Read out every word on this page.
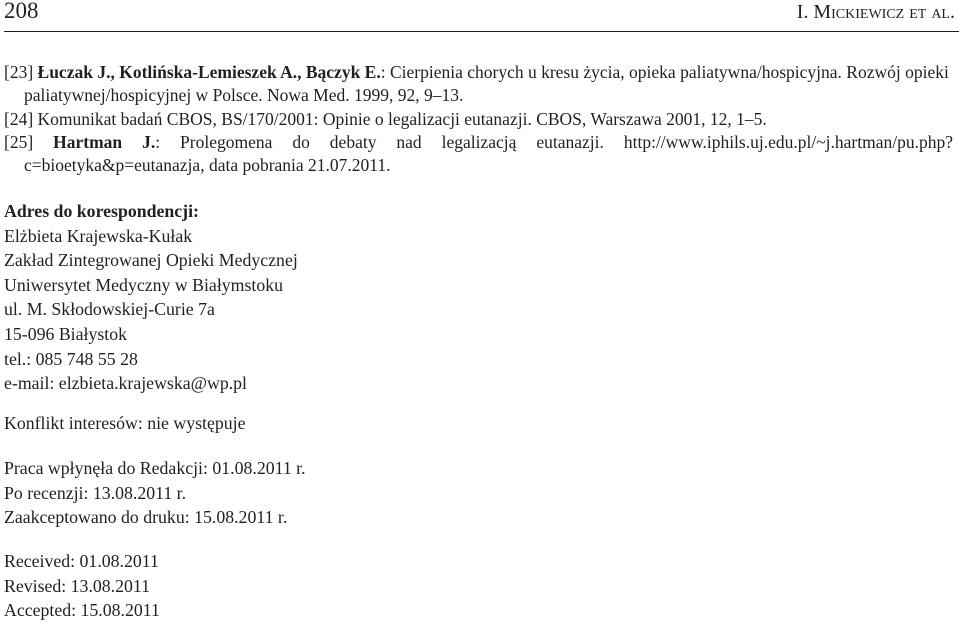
208	I. Mickiewicz et al.

[23] Łuczak J., Kotlińska-Lemieszek A., Bączyk E.: Cierpienia chorych u kresu życia, opieka paliatywna/hospicyjna. Rozwój opieki paliatywnej/hospicyjnej w Polsce. Nowa Med. 1999, 92, 9–13.

[24] Komunikat badań CBOS, BS/170/2001: Opinie o legalizacji eutanazji. CBOS, Warszawa 2001, 12, 1–5.

[25] Hartman J.: Prolegomena do debaty nad legalizacją eutanazji. http://www.iphils.uj.edu.pl/~j.hartman/pu.php?c=bioetyka&p=eutanazja, data pobrania 21.07.2011.

Adres do korespondencji:
Elżbieta Krajewska-Kułak
Zakład Zintegrowanej Opieki Medycznej
Uniwersytet Medyczny w Białymstoku
ul. M. Skłodowskiej-Curie 7a
15-096 Białystok
tel.: 085 748 55 28
e-mail: elzbieta.krajewska@wp.pl
Konflikt interesów: nie występuje
Praca wpłynęła do Redakcji: 01.08.2011 r.
Po recenzji: 13.08.2011 r.
Zaakceptowano do druku: 15.08.2011 r.
Received: 01.08.2011
Revised: 13.08.2011
Accepted: 15.08.2011
